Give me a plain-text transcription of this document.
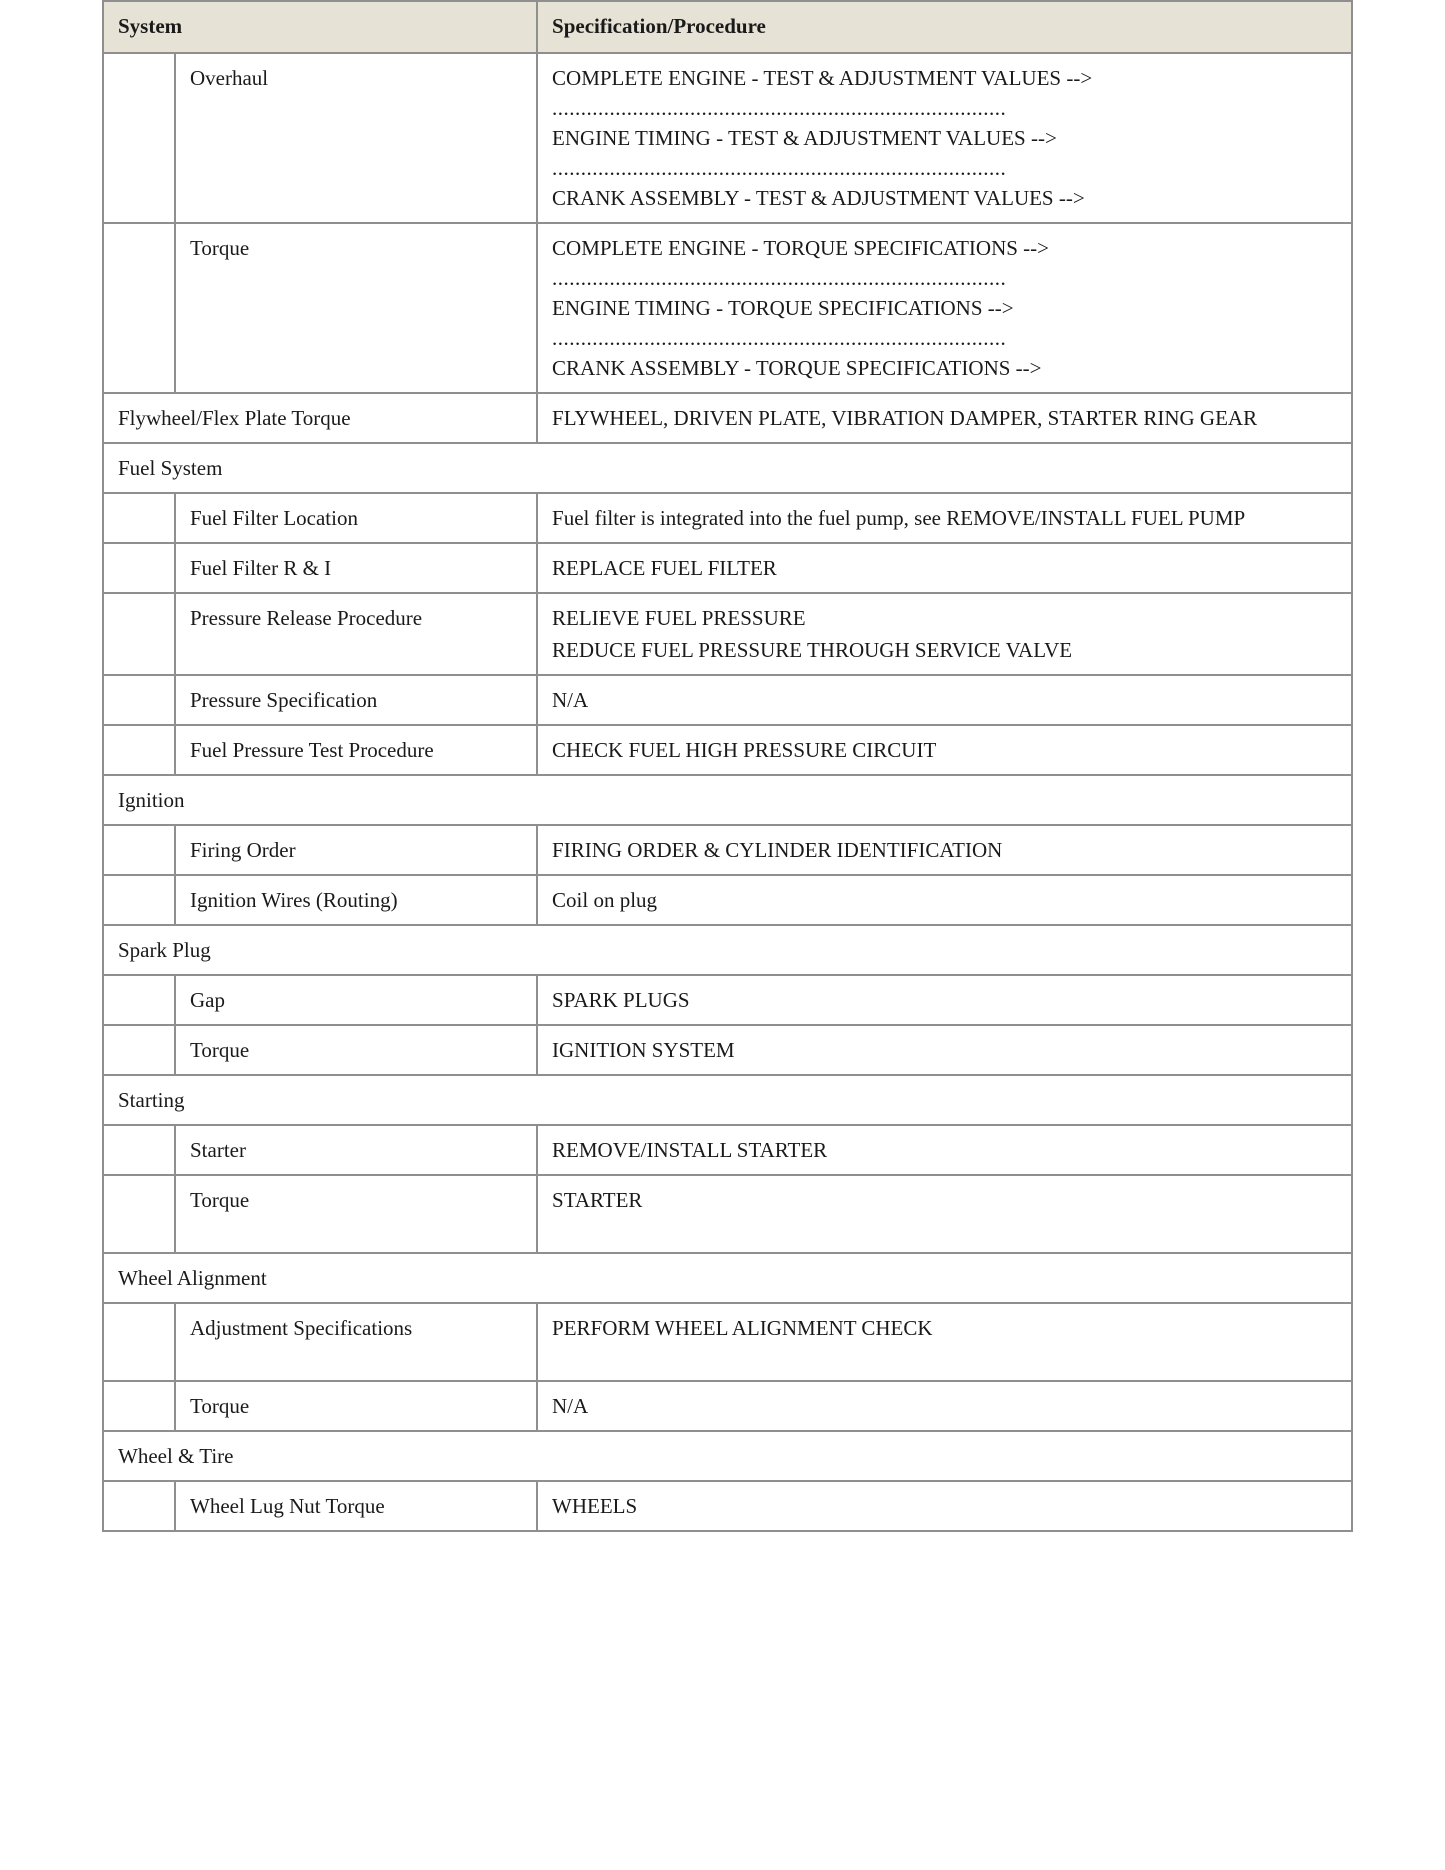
System		Specification/Procedure
	Overhaul	COMPLETE ENGINE - TEST & ADJUSTMENT VALUES -->
...............................................................................
ENGINE TIMING - TEST & ADJUSTMENT VALUES -->
...............................................................................
CRANK ASSEMBLY - TEST & ADJUSTMENT VALUES -->

	Torque	COMPLETE ENGINE - TORQUE SPECIFICATIONS -->
...............................................................................
ENGINE TIMING - TORQUE SPECIFICATIONS -->
...............................................................................
CRANK ASSEMBLY - TORQUE SPECIFICATIONS -->

Flywheel/Flex Plate Torque		FLYWHEEL, DRIVEN PLATE, VIBRATION DAMPER, STARTER RING GEAR
Fuel System		
	Fuel Filter Location	Fuel filter is integrated into the fuel pump, see REMOVE/INSTALL FUEL PUMP
	Fuel Filter R & I	REPLACE FUEL FILTER
	Pressure Release Procedure	RELIEVE FUEL PRESSURE
REDUCE FUEL PRESSURE THROUGH SERVICE VALVE

	Pressure Specification	N/A
	Fuel Pressure Test Procedure	CHECK FUEL HIGH PRESSURE CIRCUIT
Ignition		
	Firing Order	FIRING ORDER & CYLINDER IDENTIFICATION
	Ignition Wires (Routing)	Coil on plug
Spark Plug		
	Gap	SPARK PLUGS
	Torque	IGNITION SYSTEM
Starting		
	Starter	REMOVE/INSTALL STARTER
	Torque	STARTER
Wheel Alignment		
	Adjustment Specifications	PERFORM WHEEL ALIGNMENT CHECK
	Torque	N/A
Wheel & Tire		
	Wheel Lug Nut Torque	WHEELS
